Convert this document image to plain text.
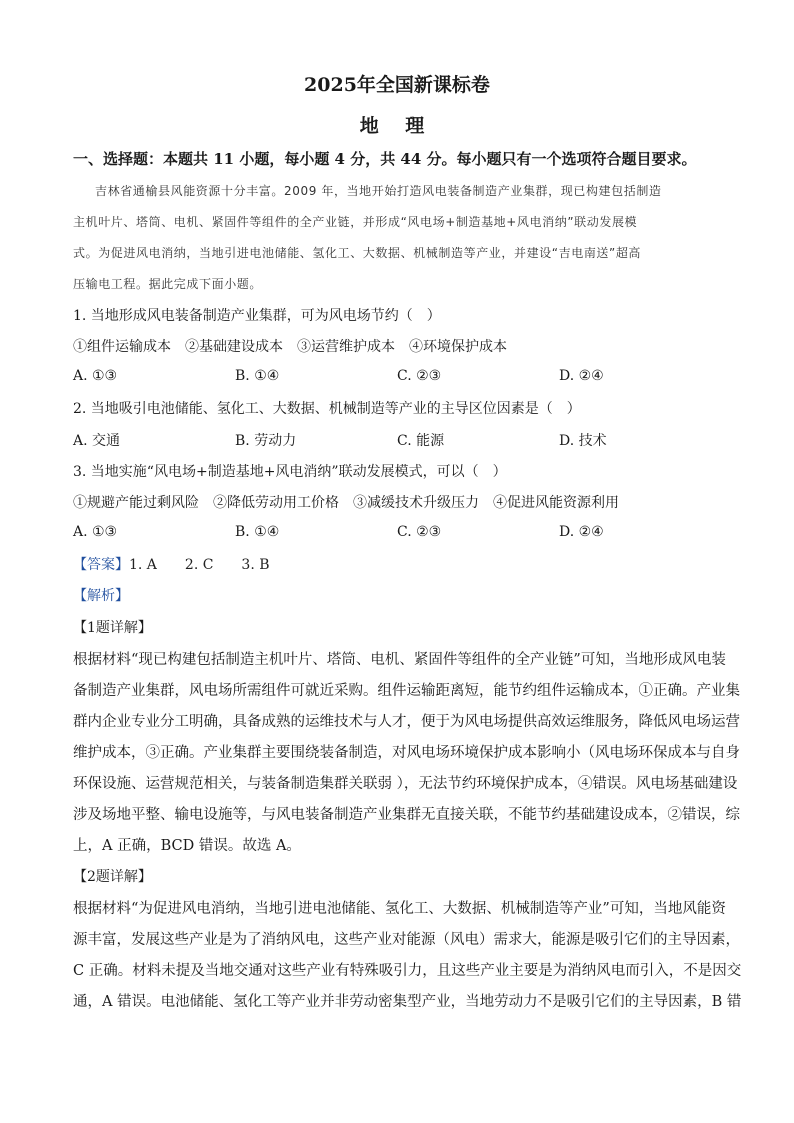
2025年全国新课标卷
地 理
一、选择题：本题共 11 小题，每小题 4 分，共 44 分。每小题只有一个选项符合题目要求。
吉林省通榆县风能资源十分丰富。2009 年，当地开始打造风电装备制造产业集群，现已构建包括制造
主机叶片、塔筒、电机、紧固件等组件的全产业链，并形成“风电场+制造基地+风电消纳”联动发展模
式。为促进风电消纳，当地引进电池储能、氢化工、大数据、机械制造等产业，并建设“吉电南送”超高
压输电工程。据此完成下面小题。
1. 当地形成风电装备制造产业集群，可为风电场节约（　）
①组件运输成本　②基础建设成本　③运营维护成本　④环境保护成本
A. ①③	B. ①④	C. ②③	D. ②④
2. 当地吸引电池储能、氢化工、大数据、机械制造等产业的主导区位因素是（　）
A. 交通	B. 劳动力	C. 能源	D. 技术
3. 当地实施“风电场+制造基地+风电消纳”联动发展模式，可以（　）
①规避产能过剩风险　②降低劳动用工价格　③减缓技术升级压力　④促进风能资源利用
A. ①③	B. ①④	C. ②③	D. ②④
【答案】1. A　　2. C　　3. B
【解析】
【1题详解】
根据材料“现已构建包括制造主机叶片、塔筒、电机、紧固件等组件的全产业链”可知，当地形成风电装
备制造产业集群，风电场所需组件可就近采购。组件运输距离短，能节约组件运输成本，①正确。产业集
群内企业专业分工明确，具备成熟的运维技术与人才，便于为风电场提供高效运维服务，降低风电场运营
维护成本，③正确。产业集群主要围绕装备制造，对风电场环境保护成本影响小（风电场环保成本与自身
环保设施、运营规范相关，与装备制造集群关联弱 ），无法节约环境保护成本，④错误。风电场基础建设
涉及场地平整、输电设施等，与风电装备制造产业集群无直接关联，不能节约基础建设成本，②错误，综
上，A 正确，BCD 错误。故选 A。
【2题详解】
根据材料“为促进风电消纳，当地引进电池储能、氢化工、大数据、机械制造等产业”可知，当地风能资
源丰富，发展这些产业是为了消纳风电，这些产业对能源（风电）需求大，能源是吸引它们的主导因素，
C 正确。材料未提及当地交通对这些产业有特殊吸引力，且这些产业主要是为消纳风电而引入，不是因交
通，A 错误。电池储能、氢化工等产业并非劳动密集型产业，当地劳动力不是吸引它们的主导因素，B 错
